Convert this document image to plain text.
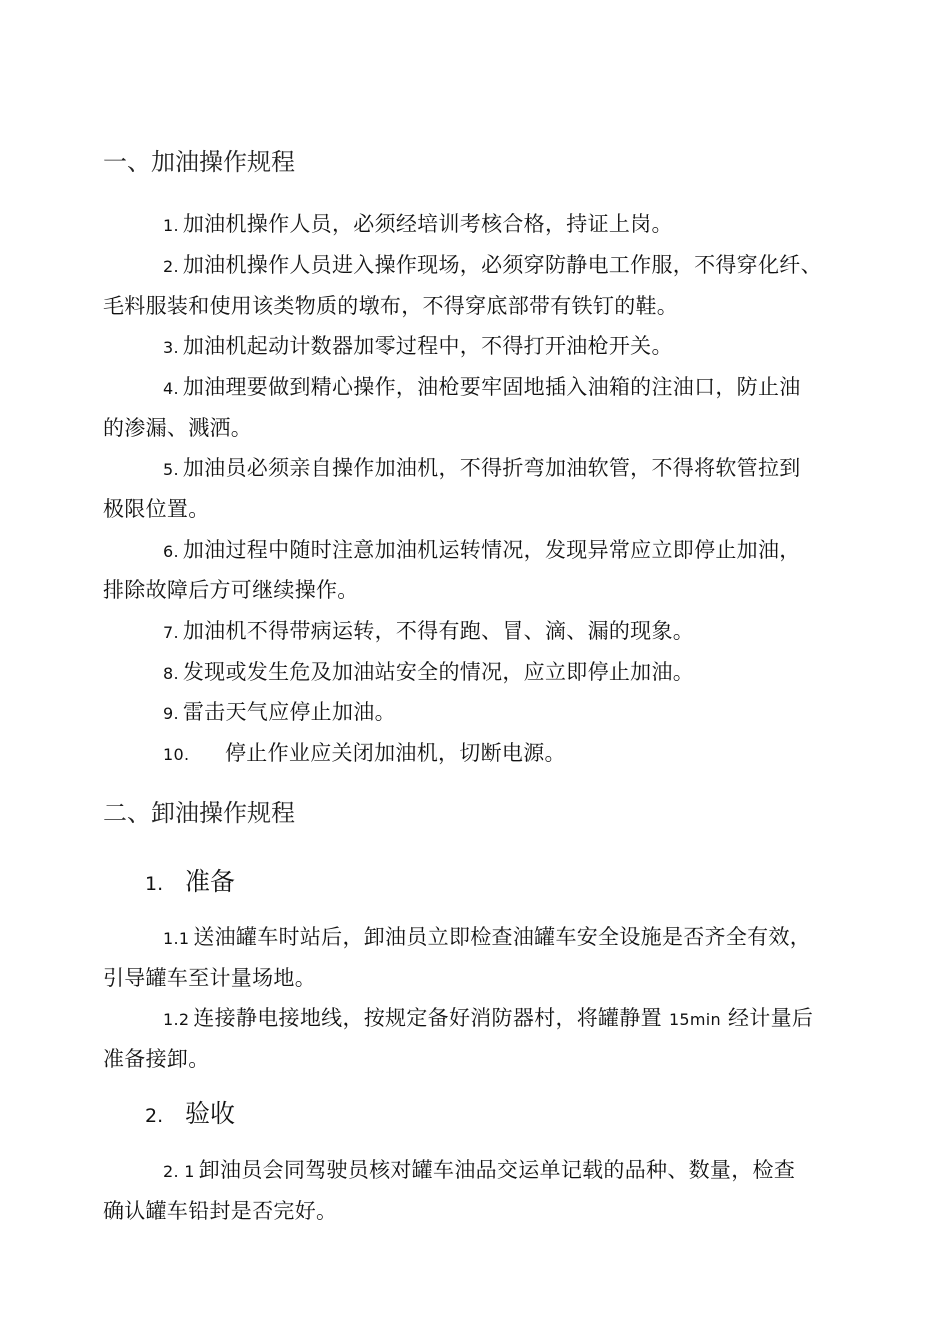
一、加油操作规程
1. 加油机操作人员，必须经培训考核合格，持证上岗。
2. 加油机操作人员进入操作现场，必须穿防静电工作服，不得穿化纤、
毛料服装和使用该类物质的墩布，不得穿底部带有铁钉的鞋。
3. 加油机起动计数器加零过程中，不得打开油枪开关。
4. 加油理要做到精心操作，油枪要牢固地插入油箱的注油口，防止油
的渗漏、溅洒。
5. 加油员必须亲自操作加油机，不得折弯加油软管，不得将软管拉到
极限位置。
6. 加油过程中随时注意加油机运转情况，发现异常应立即停止加油，
排除故障后方可继续操作。
7. 加油机不得带病运转，不得有跑、冒、滴、漏的现象。
8. 发现或发生危及加油站安全的情况，应立即停止加油。
9. 雷击天气应停止加油。
10. 停止作业应关闭加油机，切断电源。
二、卸油操作规程
1. 准备
1.1 送油罐车时站后，卸油员立即检查油罐车安全设施是否齐全有效，
引导罐车至计量场地。
1.2 连接静电接地线，按规定备好消防器村，将罐静置 15min 经计量后
准备接卸。
2. 验收
2. 1 卸油员会同驾驶员核对罐车油品交运单记载的品种、数量，检查
确认罐车铅封是否完好。
